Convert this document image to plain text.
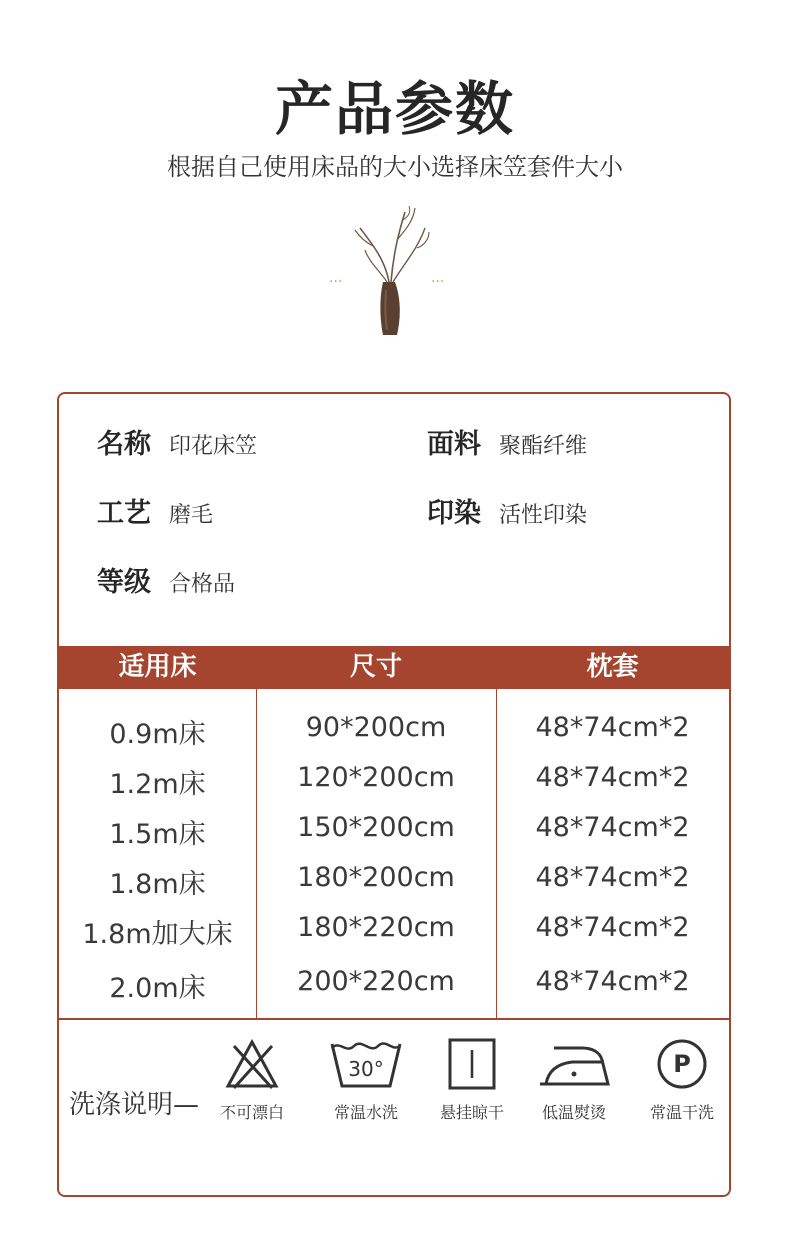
产品参数
根据自己使用床品的大小选择床笠套件大小
···	···
名称 印花床笠	面料 聚酯纤维
工艺 磨毛	印染 活性印染
等级 合格品
适用床	尺寸	枕套
0.9m床	90*200cm	48*74cm*2
1.2m床	120*200cm	48*74cm*2
1.5m床	150*200cm	48*74cm*2
1.8m床	180*200cm	48*74cm*2
1.8m加大床	180*220cm	48*74cm*2
2.0m床	200*220cm	48*74cm*2
洗涤说明—	不可漂白
30°
常温水洗	悬挂晾干	低温熨烫
P
常温干洗
